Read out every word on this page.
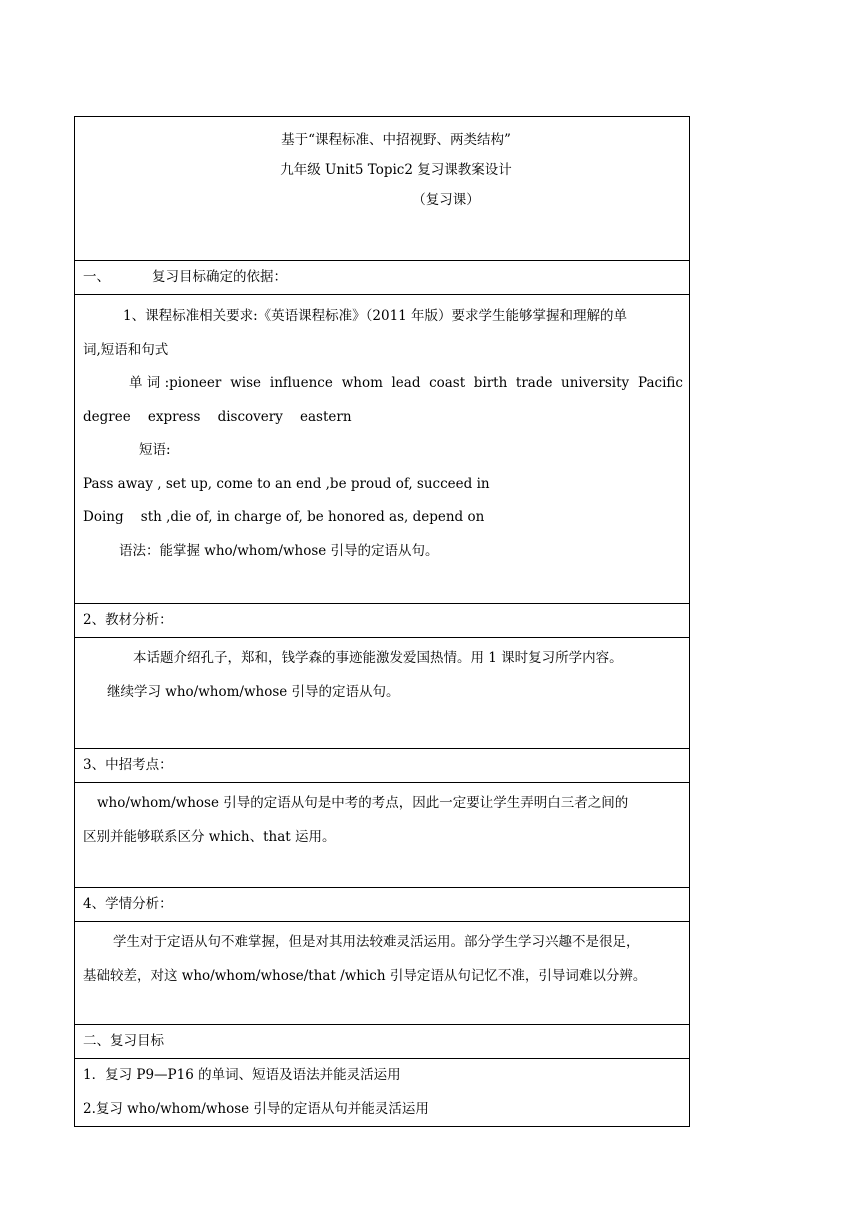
基于“课程标准、中招视野、两类结构”
九年级 Unit5 Topic2 复习课教案设计
（复习课）

一、	复习目标确定的依据：

1、课程标准相关要求:《英语课程标准》（2011 年版）要求学生能够掌握和理解的单
词,短语和句式
单 词 :pioneer wise influence whom lead coast birth trade university Pacific
degree    express    discovery    eastern
短语:
Pass away , set up, come to an end ,be proud of, succeed in
Doing    sth ,die of, in charge of, be honored as, depend on
语法：能掌握 who/whom/whose 引导的定语从句。

2、教材分析：

本话题介绍孔子，郑和，钱学森的事迹能激发爱国热情。用 1 课时复习所学内容。
继续学习 who/whom/whose 引导的定语从句。

3、中招考点：

who/whom/whose 引导的定语从句是中考的考点，因此一定要让学生弄明白三者之间的
区别并能够联系区分 which、that 运用。

4、学情分析：

学生对于定语从句不难掌握，但是对其用法较难灵活运用。部分学生学习兴趣不是很足，
基础较差，对这 who/whom/whose/that /which 引导定语从句记忆不准，引导词难以分辨。

二、复习目标

1．复习 P9—P16 的单词、短语及语法并能灵活运用
2.复习 who/whom/whose 引导的定语从句并能灵活运用
